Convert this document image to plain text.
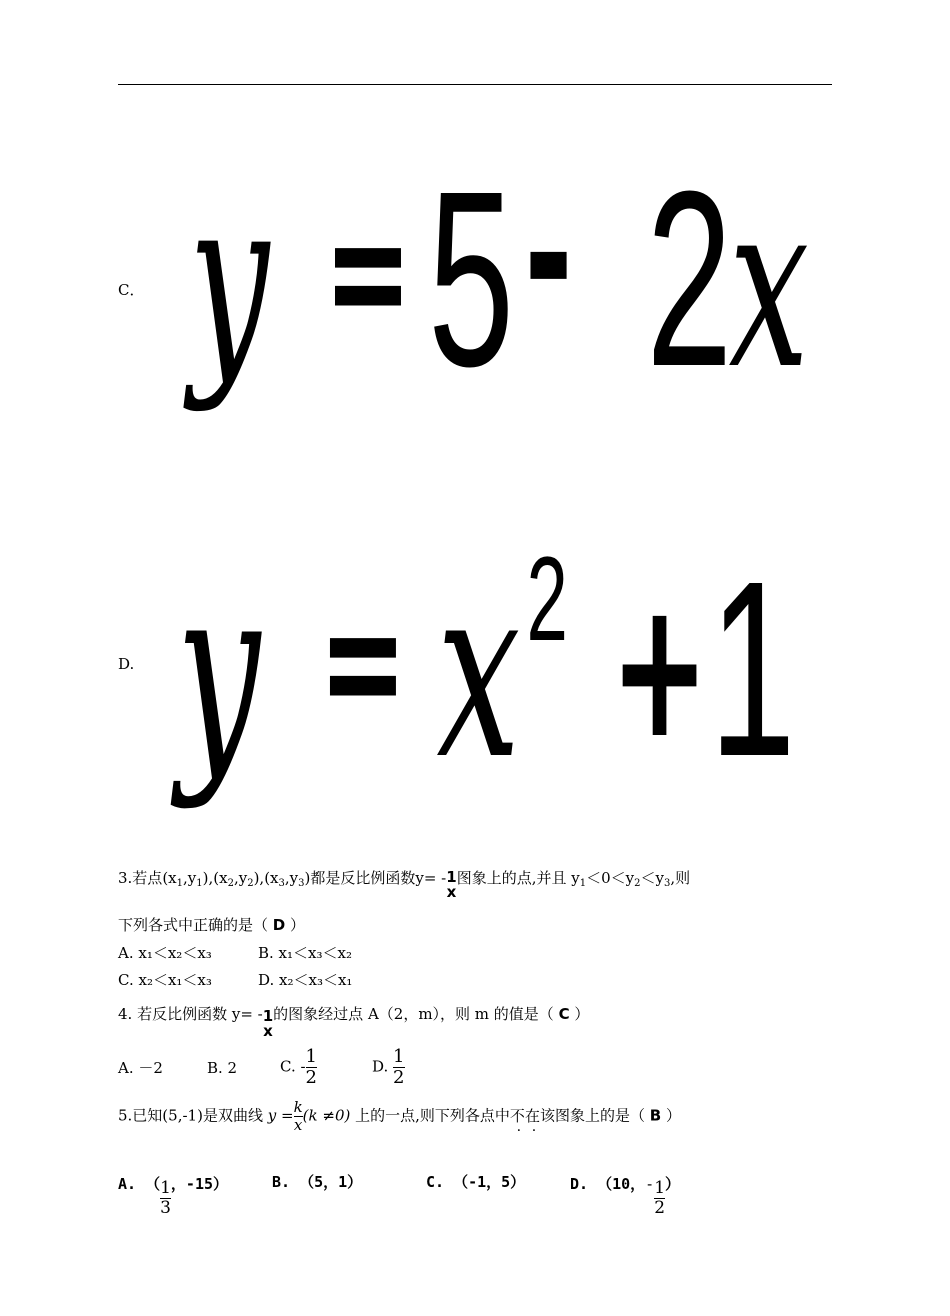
C． y = 5 - 2
x
D. y = x 2 + 1
3.若点$(x_1,y_1),(x_2,y_2),(x_3,y_3)$都是反比例函数y= - 1
x
图象上的点,并且 $y_1<0<y_2<y_3$,则
下列各式中正确的是（ D ）
A. x₁＜x₂＜x₃	B. x₁＜x₃＜x₂
C. x₂＜x₁＜x₃	D. x₂＜x₃＜x₁
4. 若反比例函数 y= - 1
x
的图象经过点 A（2，m），则 m 的值是（ C ）
A. －2	B. 2	C. - $\frac{1}{2}$	D. $\frac{1}{2}$
5.已知(5,-1)是双曲线 $y = \frac{k}{x} (k \ne 0)$ 上的一点,则下列各点中不在该图象上的是（ B ）
A. （ $\frac{1}{3}$ ，-15）	B. （5，1）	C. （-1，5）	D. （10，- $\frac{1}{2}$ ）
